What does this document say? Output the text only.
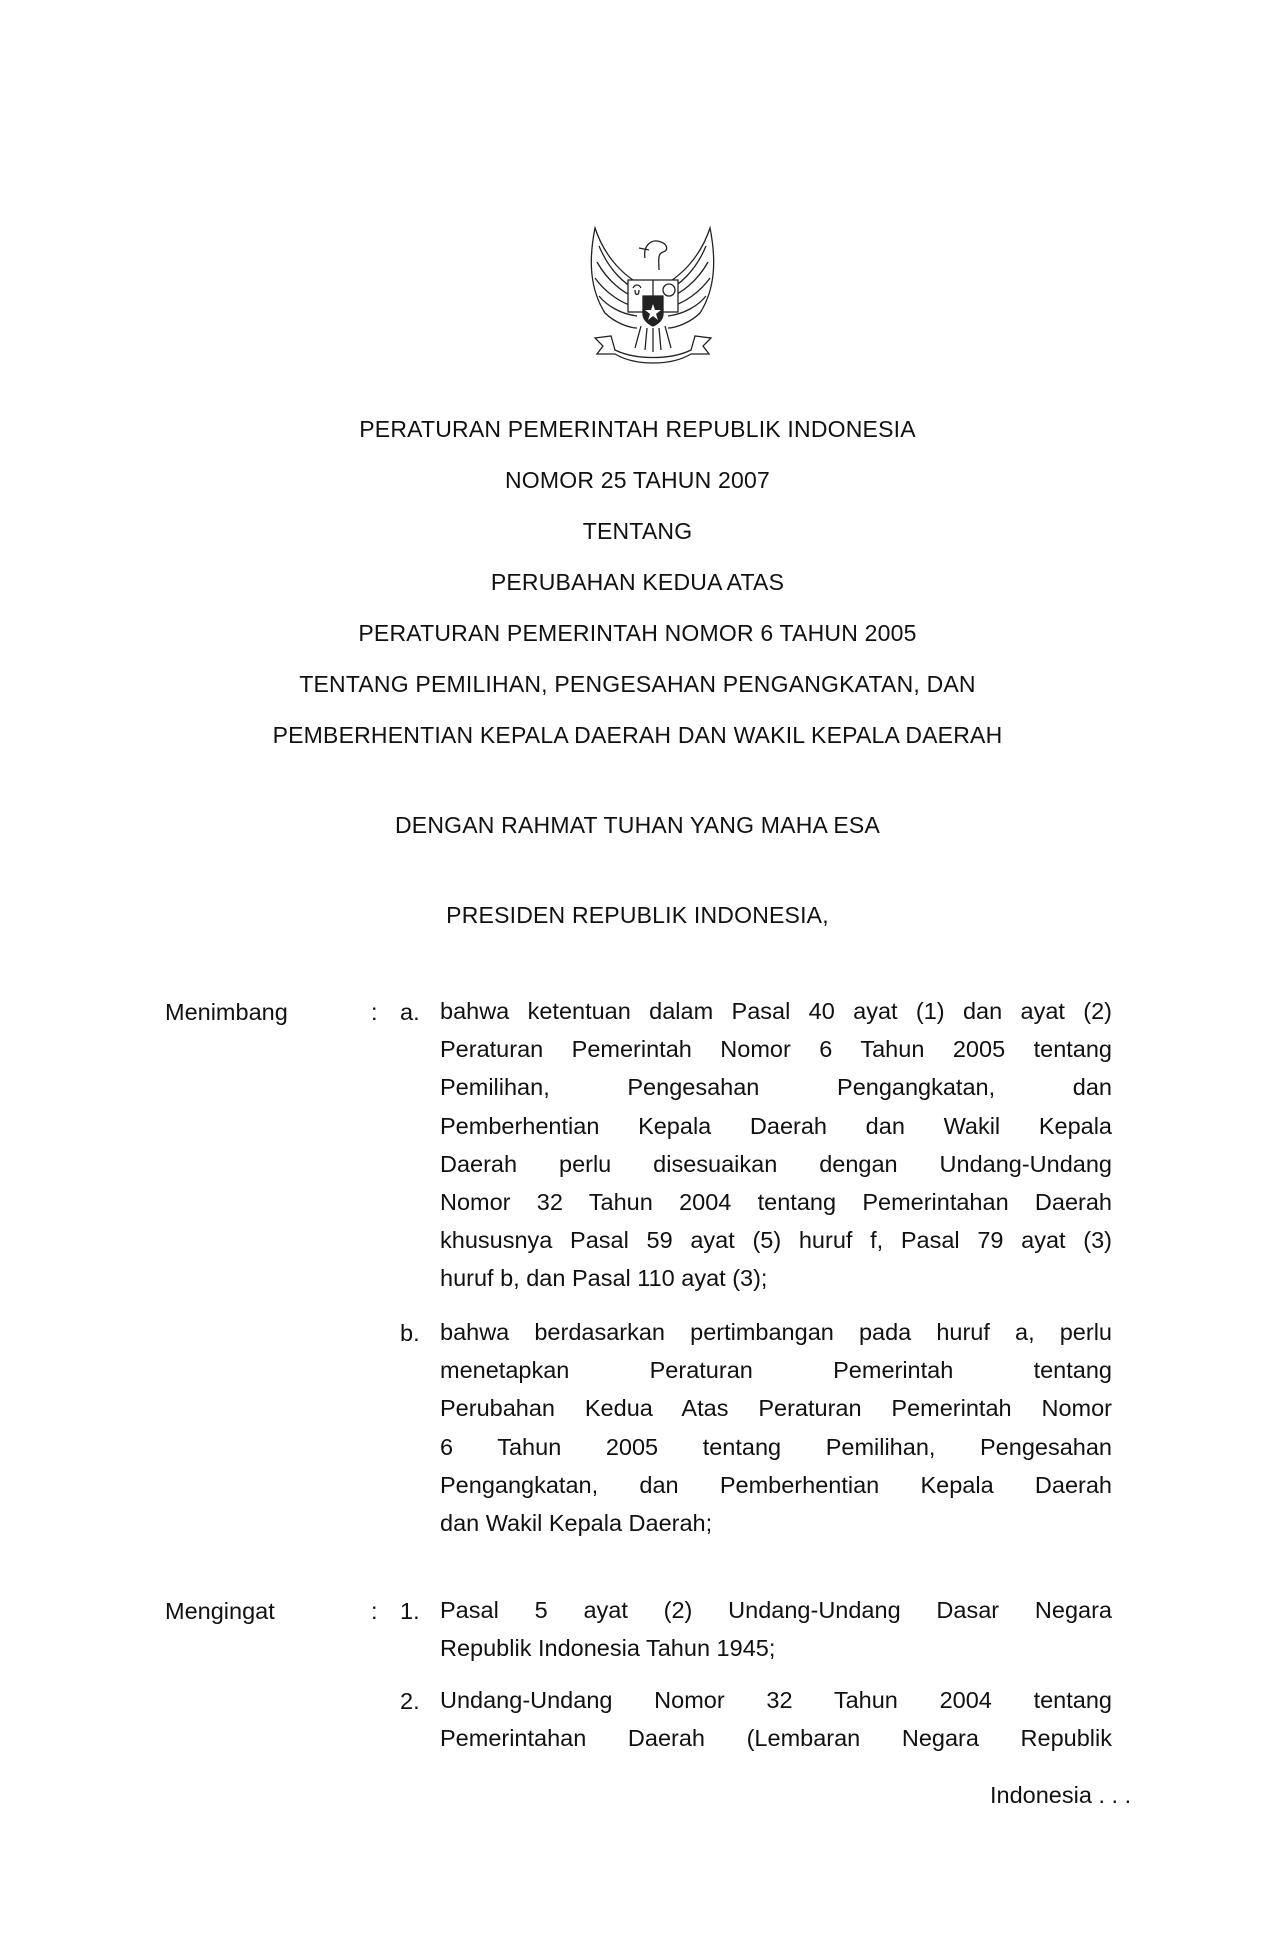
PERATURAN PEMERINTAH REPUBLIK INDONESIA
NOMOR 25 TAHUN 2007
TENTANG
PERUBAHAN KEDUA ATAS
PERATURAN PEMERINTAH NOMOR 6 TAHUN 2005
TENTANG PEMILIHAN, PENGESAHAN PENGANGKATAN, DAN
PEMBERHENTIAN KEPALA DAERAH DAN WAKIL KEPALA DAERAH
DENGAN RAHMAT TUHAN YANG MAHA ESA
PRESIDEN REPUBLIK INDONESIA,
Menimbang	: a. bahwa ketentuan dalam Pasal 40 ayat (1) dan ayat (2)
Peraturan Pemerintah Nomor 6 Tahun 2005 tentang
Pemilihan, Pengesahan Pengangkatan, dan
Pemberhentian Kepala Daerah dan Wakil Kepala
Daerah perlu disesuaikan dengan Undang-Undang
Nomor 32 Tahun 2004 tentang Pemerintahan Daerah
khususnya Pasal 59 ayat (5) huruf f, Pasal 79 ayat (3)
huruf b, dan Pasal 110 ayat (3);
b. bahwa berdasarkan pertimbangan pada huruf a, perlu
menetapkan Peraturan Pemerintah tentang
Perubahan Kedua Atas Peraturan Pemerintah Nomor
6 Tahun 2005 tentang Pemilihan, Pengesahan
Pengangkatan, dan Pemberhentian Kepala Daerah
dan Wakil Kepala Daerah;
Mengingat	: 1. Pasal 5 ayat (2) Undang-Undang Dasar Negara
Republik Indonesia Tahun 1945;
2. Undang-Undang Nomor 32 Tahun 2004 tentang
Pemerintahan Daerah (Lembaran Negara Republik
Indonesia . . .
